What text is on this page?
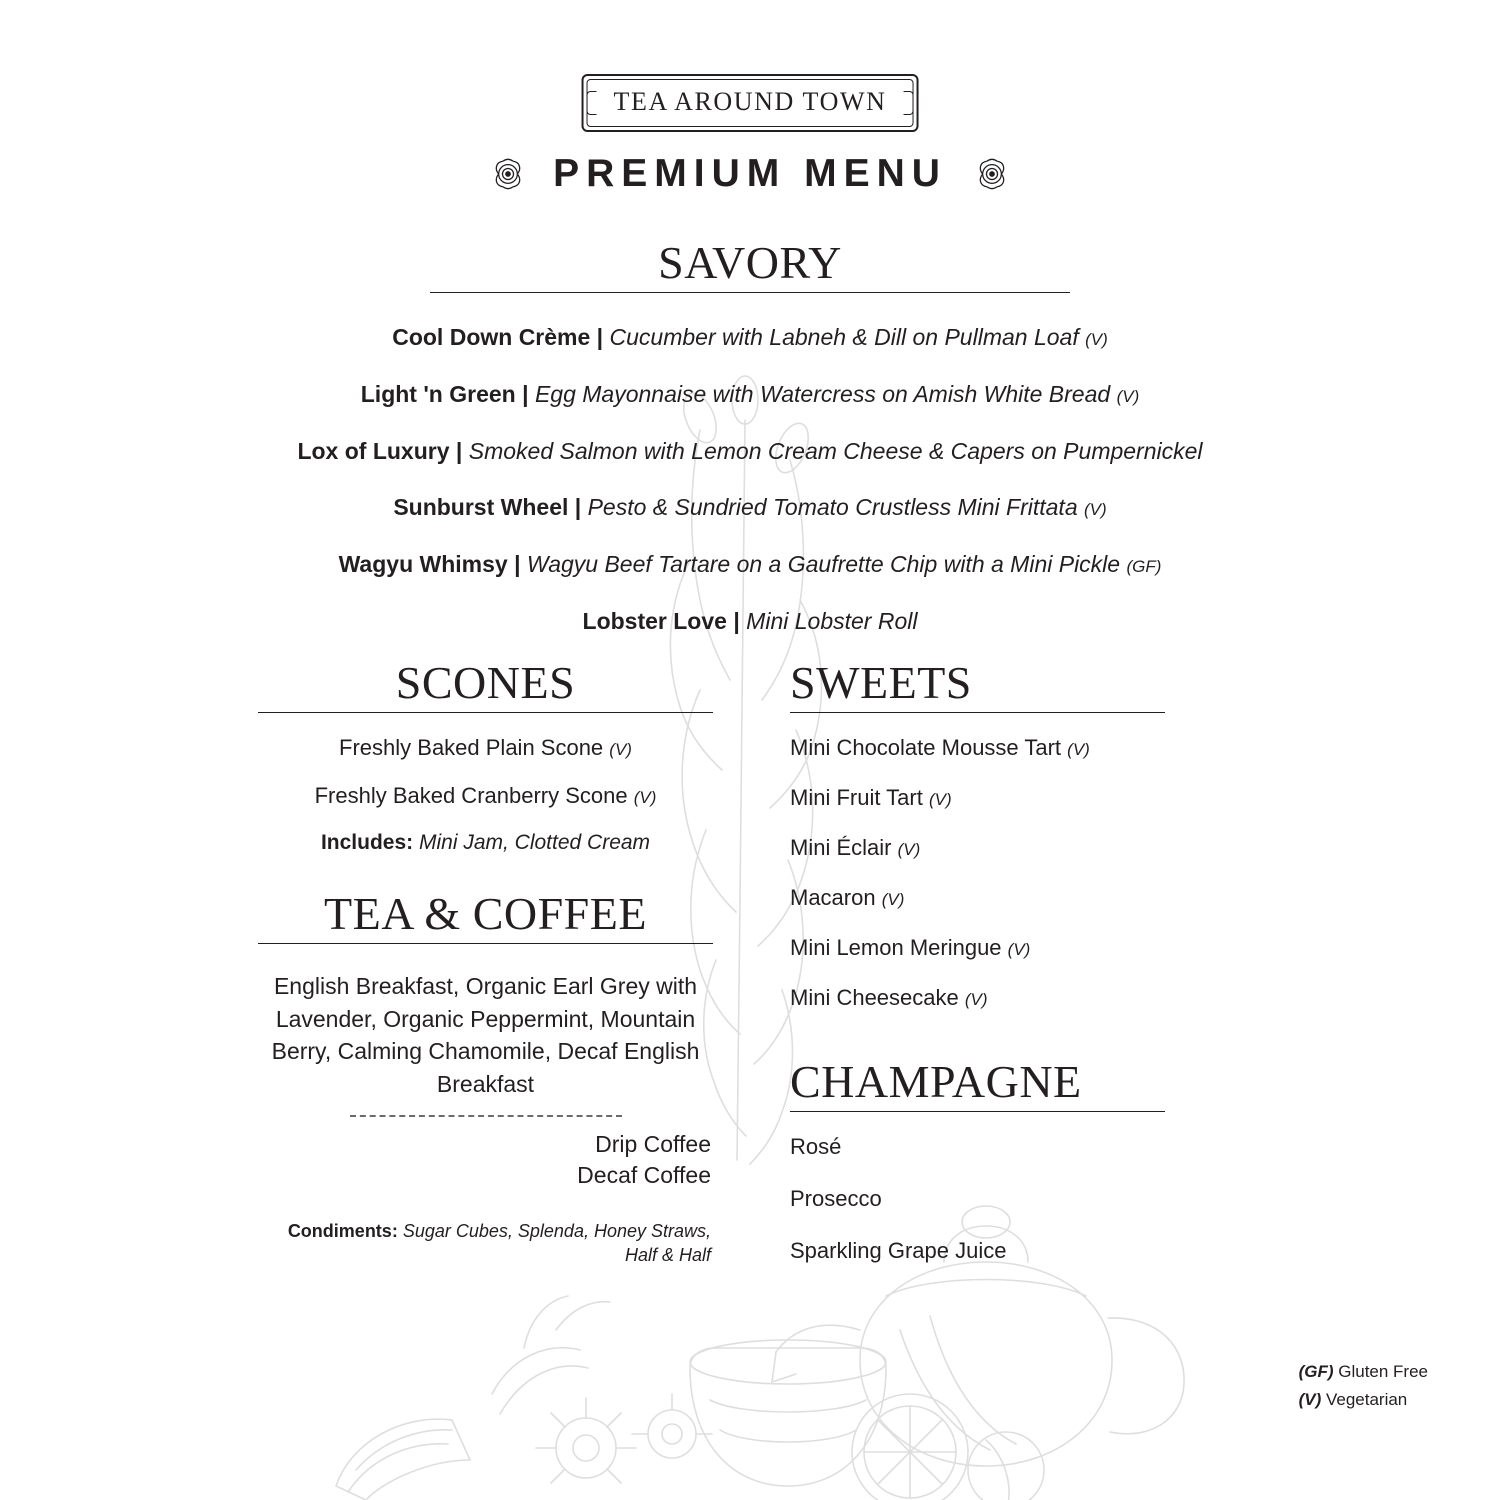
TEA AROUND TOWN
PREMIUM MENU
SAVORY
Cool Down Crème | Cucumber with Labneh & Dill on Pullman Loaf (V)
Light 'n Green | Egg Mayonnaise with Watercress on Amish White Bread (V)
Lox of Luxury | Smoked Salmon with Lemon Cream Cheese & Capers on Pumpernickel
Sunburst Wheel | Pesto & Sundried Tomato Crustless Mini Frittata (V)
Wagyu Whimsy | Wagyu Beef Tartare on a Gaufrette Chip with a Mini Pickle (GF)
Lobster Love | Mini Lobster Roll
SCONES
Freshly Baked Plain Scone (V)
Freshly Baked Cranberry Scone (V)
Includes: Mini Jam, Clotted Cream
TEA & COFFEE
English Breakfast, Organic Earl Grey with Lavender, Organic Peppermint, Mountain Berry, Calming Chamomile, Decaf English Breakfast
Drip Coffee
Decaf Coffee
Condiments: Sugar Cubes, Splenda, Honey Straws, Half & Half
SWEETS
Mini Chocolate Mousse Tart (V)
Mini Fruit Tart (V)
Mini Éclair (V)
Macaron (V)
Mini Lemon Meringue (V)
Mini Cheesecake (V)
CHAMPAGNE
Rosé
Prosecco
Sparkling Grape Juice
(GF) Gluten Free
(V) Vegetarian
